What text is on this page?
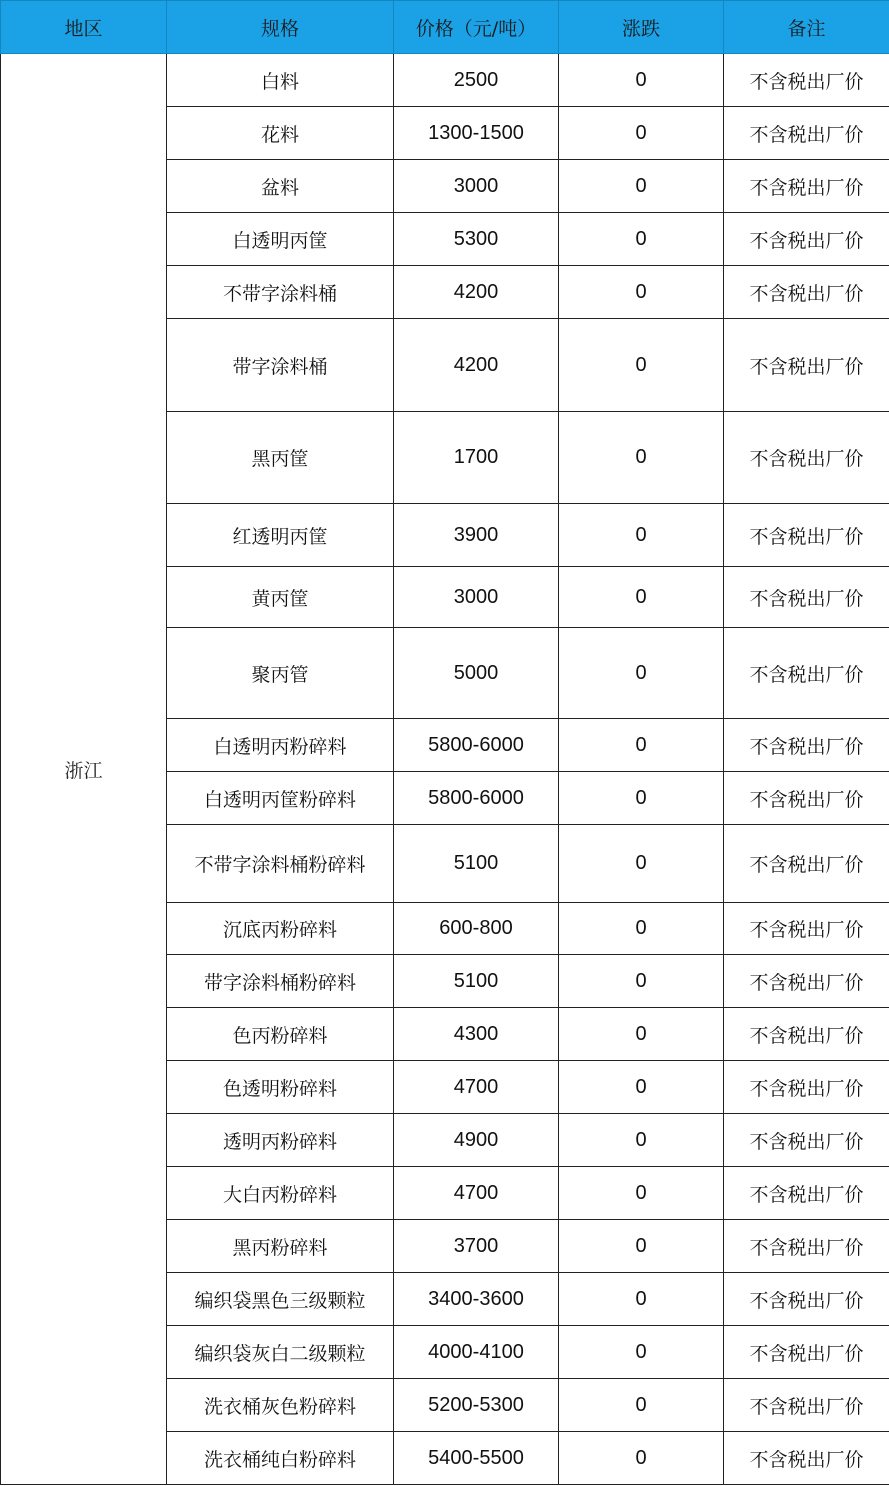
地区	规格	价格（元/吨）	涨跌	备注
浙江	白料	2500	0	不含税出厂价
	花料	1300-1500	0	不含税出厂价
	盆料	3000	0	不含税出厂价
	白透明丙筐	5300	0	不含税出厂价
	不带字涂料桶	4200	0	不含税出厂价
	带字涂料桶	4200	0	不含税出厂价
	黑丙筐	1700	0	不含税出厂价
	红透明丙筐	3900	0	不含税出厂价
	黄丙筐	3000	0	不含税出厂价
	聚丙管	5000	0	不含税出厂价
	白透明丙粉碎料	5800-6000	0	不含税出厂价
	白透明丙筐粉碎料	5800-6000	0	不含税出厂价
	不带字涂料桶粉碎料	5100	0	不含税出厂价
	沉底丙粉碎料	600-800	0	不含税出厂价
	带字涂料桶粉碎料	5100	0	不含税出厂价
	色丙粉碎料	4300	0	不含税出厂价
	色透明粉碎料	4700	0	不含税出厂价
	透明丙粉碎料	4900	0	不含税出厂价
	大白丙粉碎料	4700	0	不含税出厂价
	黑丙粉碎料	3700	0	不含税出厂价
	编织袋黑色三级颗粒	3400-3600	0	不含税出厂价
	编织袋灰白二级颗粒	4000-4100	0	不含税出厂价
	洗衣桶灰色粉碎料	5200-5300	0	不含税出厂价
	洗衣桶纯白粉碎料	5400-5500	0	不含税出厂价
